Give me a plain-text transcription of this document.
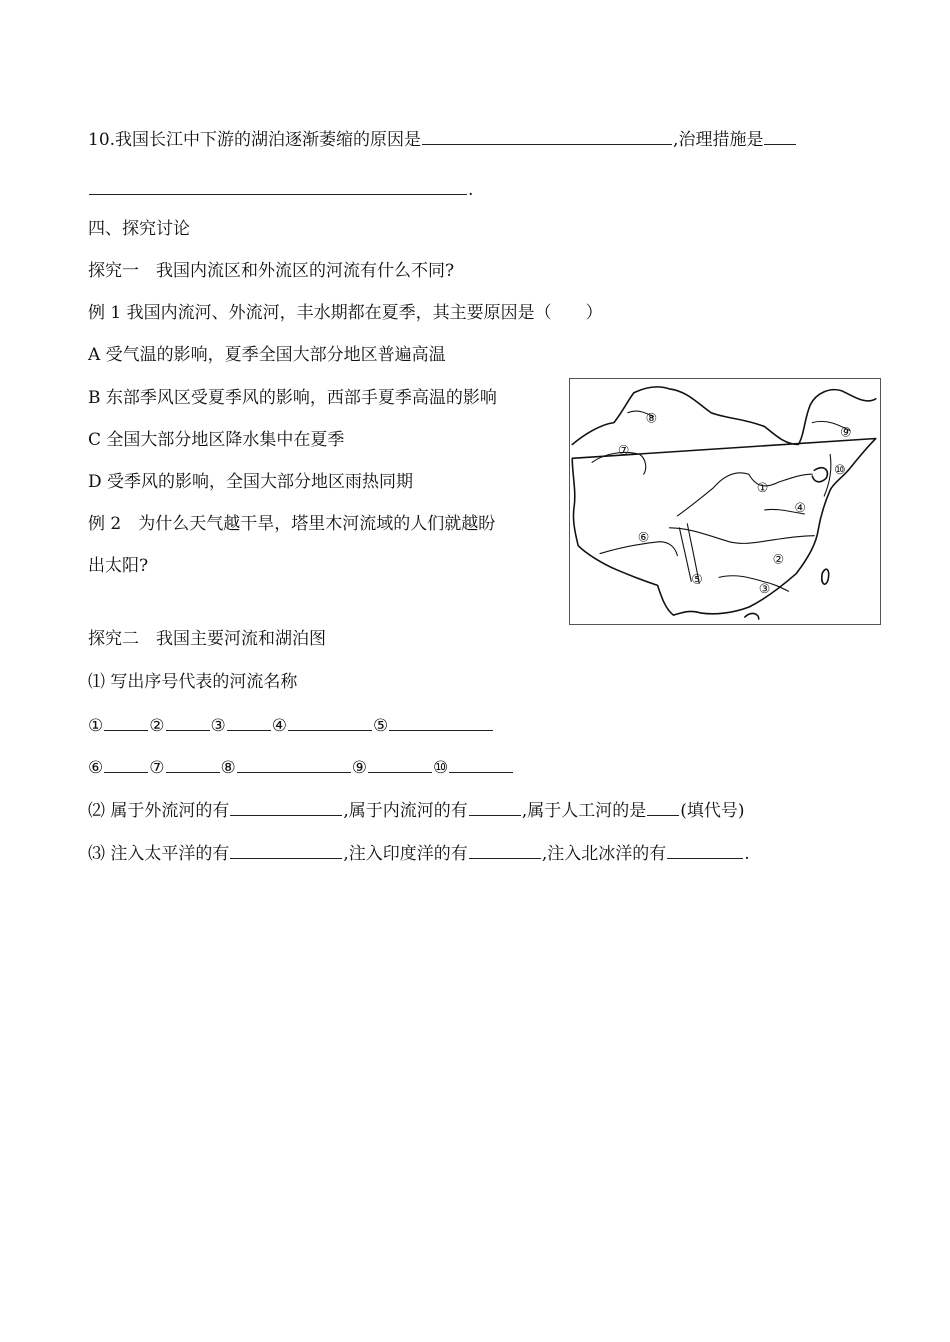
10.我国长江中下游的湖泊逐渐萎缩的原因是	,治理措施是
.
四、探究讨论
探究一　我国内流区和外流区的河流有什么不同?
例 1 我国内流河、外流河，丰水期都在夏季，其主要原因是（　　）
A 受气温的影响，夏季全国大部分地区普遍高温
B 东部季风区受夏季风的影响，西部手夏季高温的影响
C 全国大部分地区降水集中在夏季
D 受季风的影响，全国大部分地区雨热同期
例 2　为什么天气越干旱，塔里木河流域的人们就越盼
出太阳?
①
②
③
④
⑤
⑥
⑦
⑧
⑨
⑩
探究二　我国主要河流和湖泊图
⑴ 写出序号代表的河流名称
①	②	③	④	⑤
⑥	⑦	⑧	⑨	⑩
⑵ 属于外流河的有	,属于内流河的有	,属于人工河的是 (填代号)
⑶ 注入太平洋的有	,注入印度洋的有	,注入北冰洋的有	.
